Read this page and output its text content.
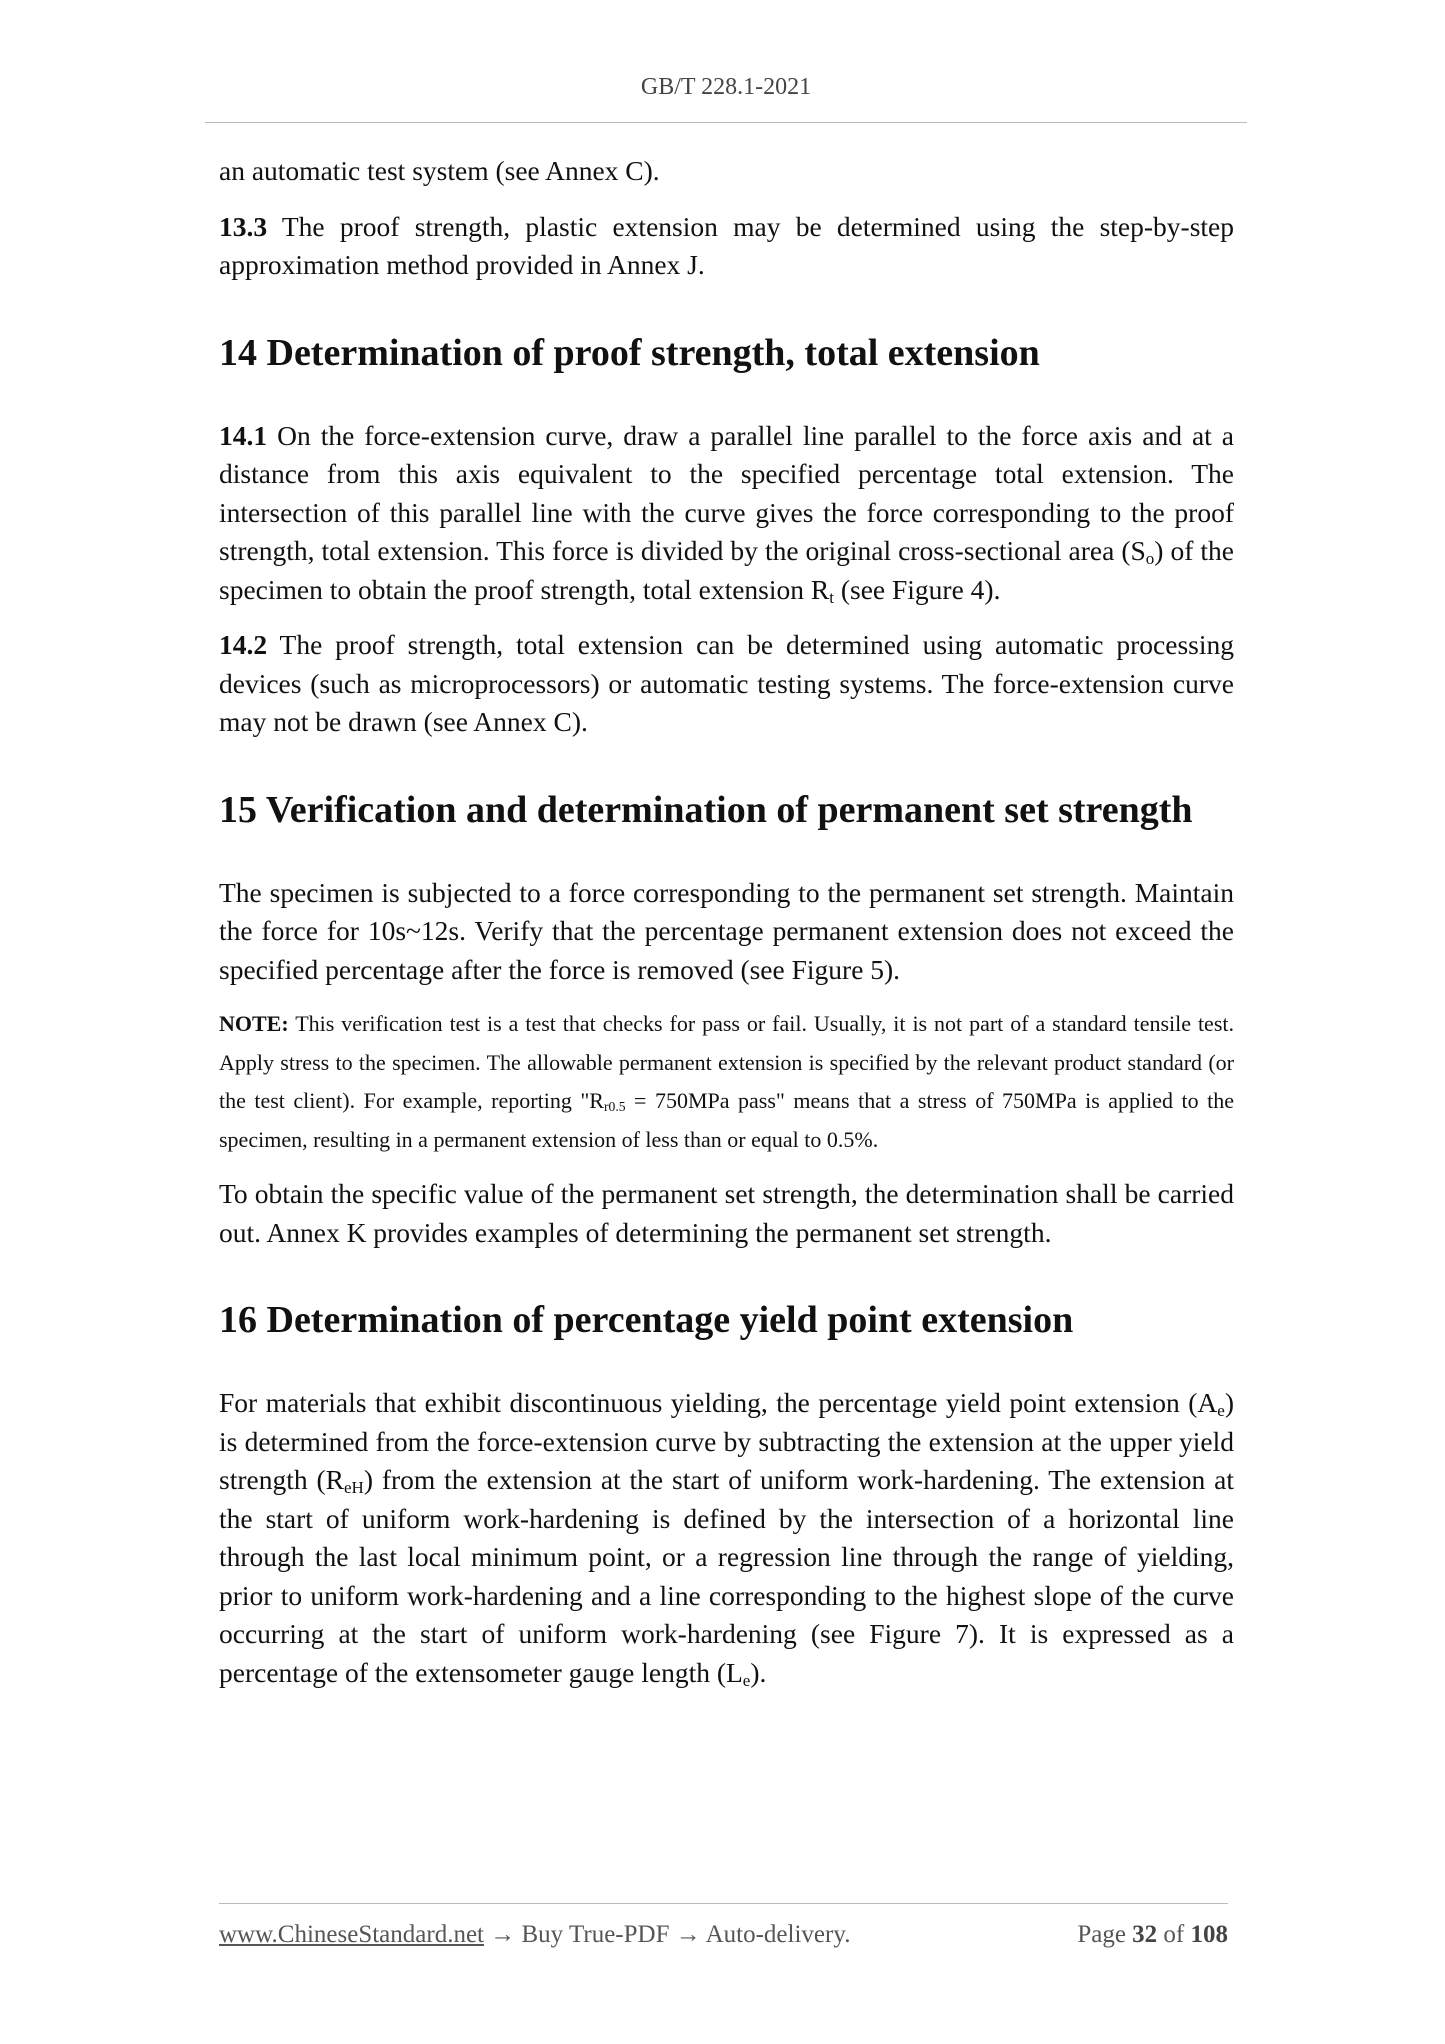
GB/T 228.1-2021

an automatic test system (see Annex C).

13.3 The proof strength, plastic extension may be determined using the step-by-step approximation method provided in Annex J.

14 Determination of proof strength, total extension

14.1 On the force-extension curve, draw a parallel line parallel to the force axis and at a distance from this axis equivalent to the specified percentage total extension. The intersection of this parallel line with the curve gives the force corresponding to the proof strength, total extension. This force is divided by the original cross-sectional area $(S_o)$ of the specimen to obtain the proof strength, total extension $R_t$ (see Figure 4).

14.2 The proof strength, total extension can be determined using automatic processing devices (such as microprocessors) or automatic testing systems. The force-extension curve may not be drawn (see Annex C).

15 Verification and determination of permanent set strength

The specimen is subjected to a force corresponding to the permanent set strength. Maintain the force for 10s~12s. Verify that the percentage permanent extension does not exceed the specified percentage after the force is removed (see Figure 5).

NOTE: This verification test is a test that checks for pass or fail. Usually, it is not part of a standard tensile test. Apply stress to the specimen. The allowable permanent extension is specified by the relevant product standard (or the test client). For example, reporting "$R_{r0.5} = 750MPa$ pass" means that a stress of 750MPa is applied to the specimen, resulting in a permanent extension of less than or equal to 0.5%.

To obtain the specific value of the permanent set strength, the determination shall be carried out. Annex K provides examples of determining the permanent set strength.

16 Determination of percentage yield point extension

For materials that exhibit discontinuous yielding, the percentage yield point extension $(A_e)$ is determined from the force-extension curve by subtracting the extension at the upper yield strength $(R_{eH})$ from the extension at the start of uniform work-hardening. The extension at the start of uniform work-hardening is defined by the intersection of a horizontal line through the last local minimum point, or a regression line through the range of yielding, prior to uniform work-hardening and a line corresponding to the highest slope of the curve occurring at the start of uniform work-hardening (see Figure 7). It is expressed as a percentage of the extensometer gauge length $(L_e)$.

www.ChineseStandard.net → Buy True-PDF → Auto-delivery.	Page 32 of 108
